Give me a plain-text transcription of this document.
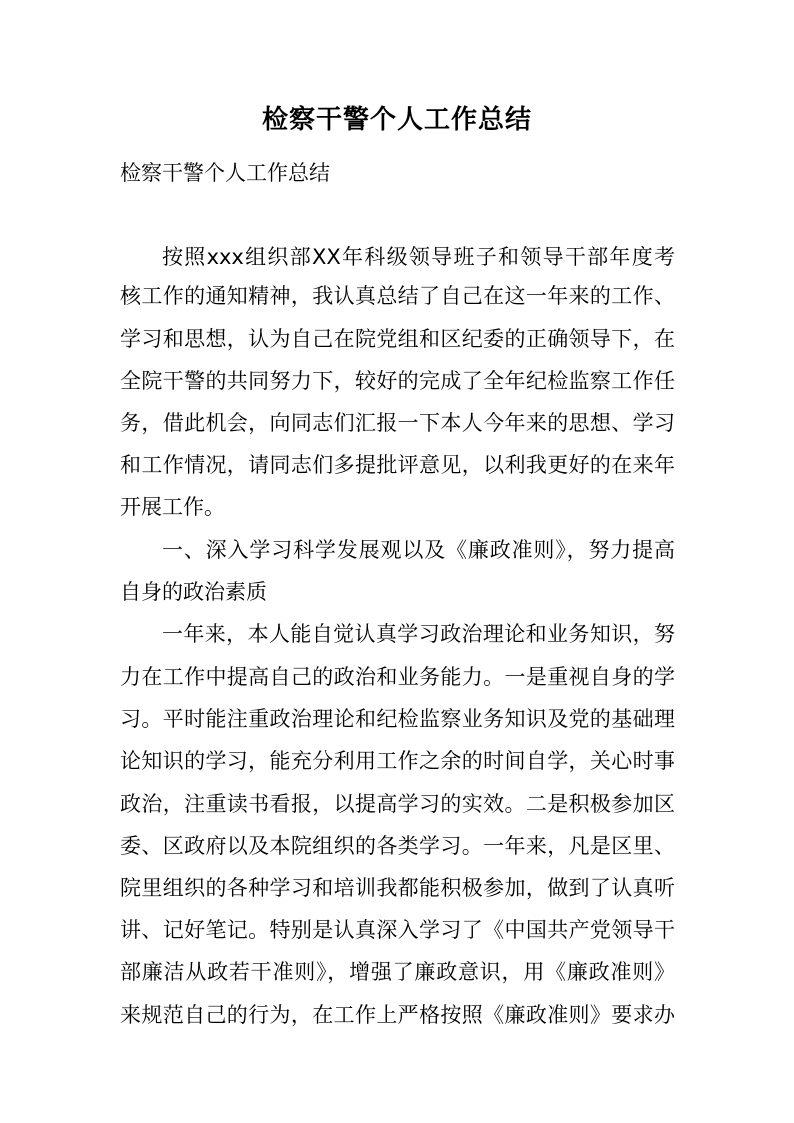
检察干警个人工作总结
检察干警个人工作总结
按照xxx组织部XX年科级领导班子和领导干部年度考
核工作的通知精神，我认真总结了自己在这一年来的工作、
学习和思想，认为自己在院党组和区纪委的正确领导下，在
全院干警的共同努力下，较好的完成了全年纪检监察工作任
务，借此机会，向同志们汇报一下本人今年来的思想、学习
和工作情况，请同志们多提批评意见，以利我更好的在来年
开展工作。
一、深入学习科学发展观以及《廉政准则》，努力提高
自身的政治素质
一年来，本人能自觉认真学习政治理论和业务知识，努
力在工作中提高自己的政治和业务能力。一是重视自身的学
习。平时能注重政治理论和纪检监察业务知识及党的基础理
论知识的学习，能充分利用工作之余的时间自学，关心时事
政治，注重读书看报，以提高学习的实效。二是积极参加区
委、区政府以及本院组织的各类学习。一年来，凡是区里、
院里组织的各种学习和培训我都能积极参加，做到了认真听
讲、记好笔记。特别是认真深入学习了《中国共产党领导干
部廉洁从政若干准则》，增强了廉政意识，用《廉政准则》
来规范自己的行为，在工作上严格按照《廉政准则》要求办
